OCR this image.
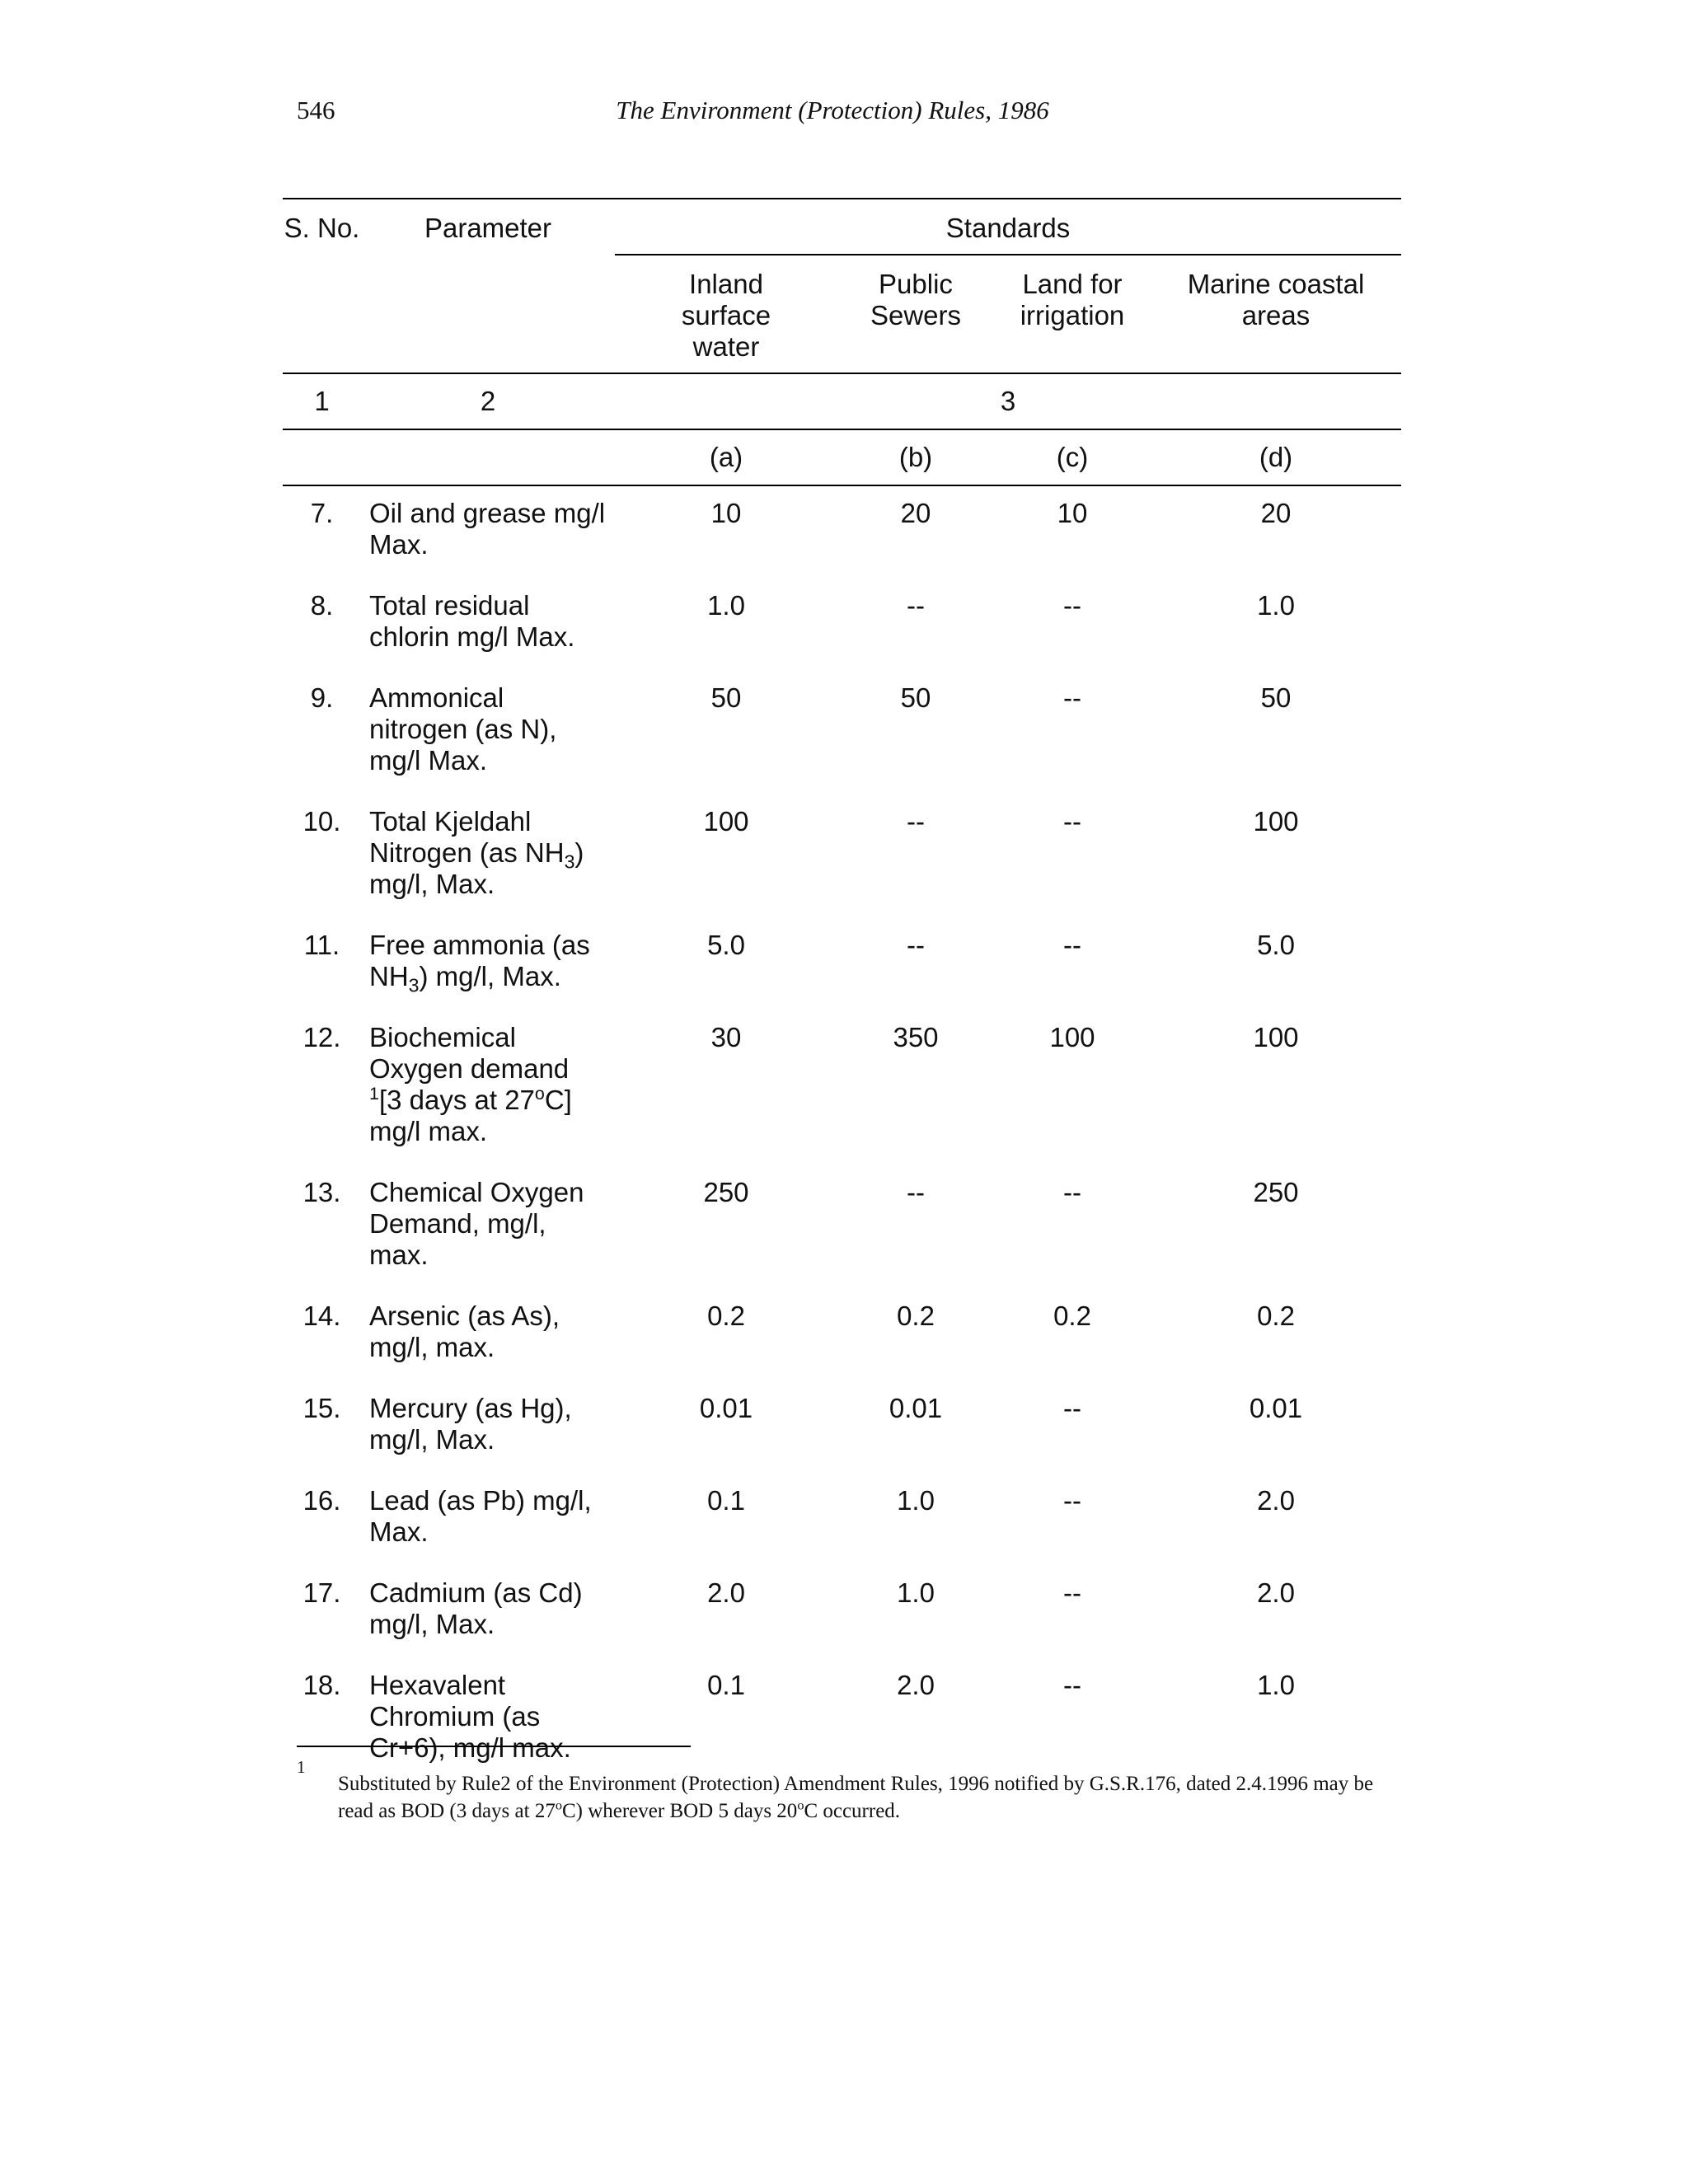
546	The Environment (Protection) Rules, 1986
S. No.	Parameter	Standards			

		Inland surface water	Public Sewers	Land for irrigation	Marine coastal areas

1	2	3			
		(a)	(b)	(c)	(d)
7.	Oil and grease mg/l Max.	10	20	10	20
8.	Total residual chlorin mg/l Max.	1.0	--	--	1.0
9.	Ammonical nitrogen (as N), mg/l Max.	50	50	--	50
10.	Total Kjeldahl Nitrogen (as $NH_3$) mg/l, Max.	100	--	--	100
11.	Free ammonia (as $NH_3$) mg/l, Max.	5.0	--	--	5.0
12.	Biochemical Oxygen demand $^1$[3 days at 27$^o$C] mg/l max.	30	350	100	100
13.	Chemical Oxygen Demand, mg/l, max.	250	--	--	250
14.	Arsenic (as As), mg/l, max.	0.2	0.2	0.2	0.2
15.	Mercury (as Hg), mg/l, Max.	0.01	0.01	--	0.01
16.	Lead (as Pb) mg/l, Max.	0.1	1.0	--	2.0
17.	Cadmium (as Cd) mg/l, Max.	2.0	1.0	--	2.0
18.	Hexavalent Chromium (as Cr+6), mg/l max.	0.1	2.0	--	1.0
1
Substituted by Rule2 of the Environment (Protection) Amendment Rules, 1996 notified by G.S.R.176, dated 2.4.1996 may be read as BOD (3 days at 27$^o$C) wherever BOD 5 days 20$^o$C occurred.
